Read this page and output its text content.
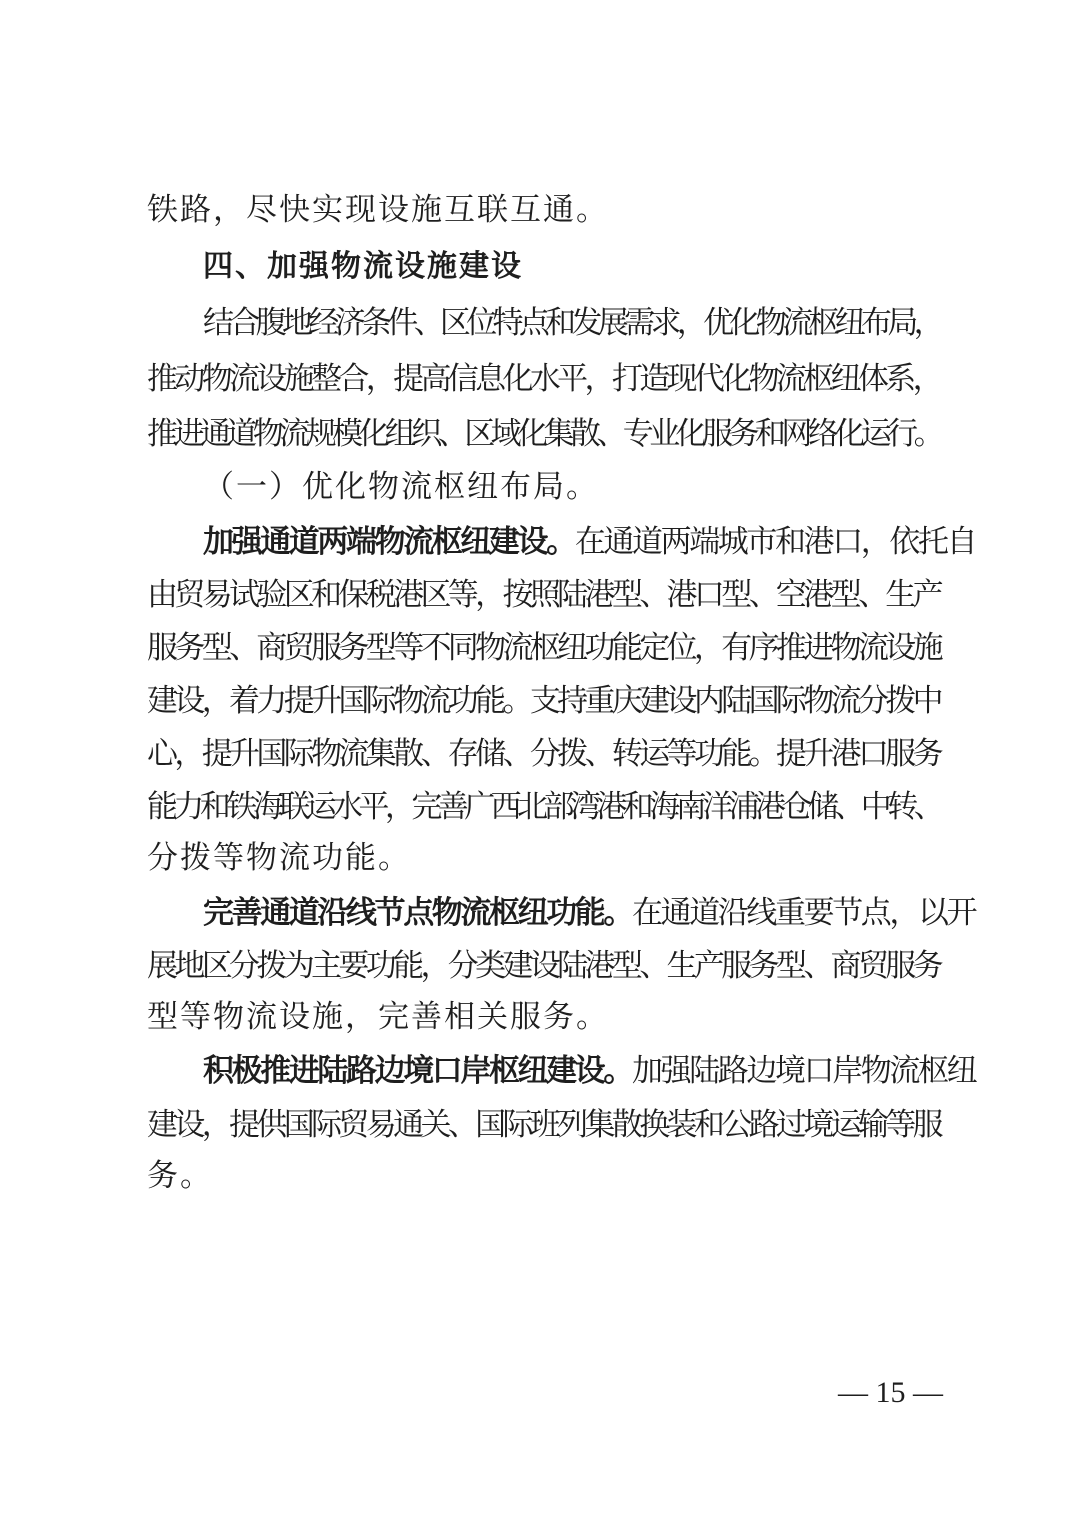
铁路，尽快实现设施互联互通。
四、加强物流设施建设
结合腹地经济条件、区位特点和发展需求，优化物流枢纽布局，
推动物流设施整合，提高信息化水平，打造现代化物流枢纽体系，
推进通道物流规模化组织、区域化集散、专业化服务和网络化运行。
（一）优化物流枢纽布局。
加强通道两端物流枢纽建设。在通道两端城市和港口，依托自
由贸易试验区和保税港区等，按照陆港型、港口型、空港型、生产
服务型、商贸服务型等不同物流枢纽功能定位，有序推进物流设施
建设，着力提升国际物流功能。支持重庆建设内陆国际物流分拨中
心，提升国际物流集散、存储、分拨、转运等功能。提升港口服务
能力和铁海联运水平，完善广西北部湾港和海南洋浦港仓储、中转、
分拨等物流功能。
完善通道沿线节点物流枢纽功能。在通道沿线重要节点，以开
展地区分拨为主要功能，分类建设陆港型、生产服务型、商贸服务
型等物流设施，完善相关服务。
积极推进陆路边境口岸枢纽建设。加强陆路边境口岸物流枢纽
建设，提供国际贸易通关、国际班列集散换装和公路过境运输等服
务。
— 15 —
